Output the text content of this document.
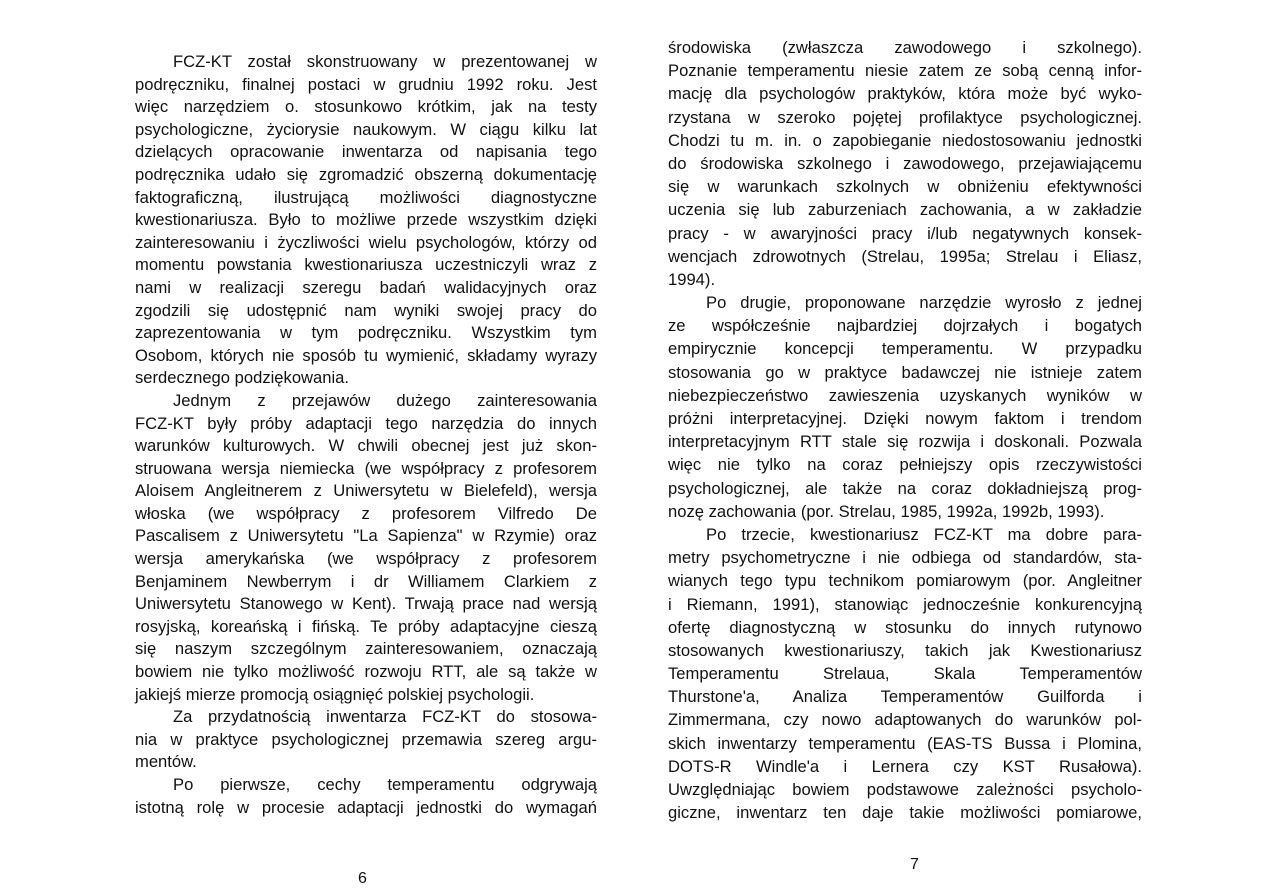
FCZ-KT został skonstruowany w prezentowanej w
podręczniku, finalnej postaci w grudniu 1992 roku. Jest
więc narzędziem o. stosunkowo krótkim, jak na testy
psychologiczne, życiorysie naukowym. W ciągu kilku lat
dzielących opracowanie inwentarza od napisania tego
podręcznika udało się zgromadzić obszerną dokumentację
faktograficzną, ilustrującą możliwości diagnostyczne
kwestionariusza. Było to możliwe przede wszystkim dzięki
zainteresowaniu i życzliwości wielu psychologów, którzy od
momentu powstania kwestionariusza uczestniczyli wraz z
nami w realizacji szeregu badań walidacyjnych oraz
zgodzili się udostępnić nam wyniki swojej pracy do
zaprezentowania w tym podręczniku. Wszystkim tym
Osobom, których nie sposób tu wymienić, składamy wyrazy
serdecznego podziękowania.
Jednym z przejawów dużego zainteresowania
FCZ-KT były próby adaptacji tego narzędzia do innych
warunków kulturowych. W chwili obecnej jest już skon-
struowana wersja niemiecka (we współpracy z profesorem
Aloisem Angleitnerem z Uniwersytetu w Bielefeld), wersja
włoska (we współpracy z profesorem Vilfredo De
Pascalisem z Uniwersytetu "La Sapienza" w Rzymie) oraz
wersja amerykańska (we współpracy z profesorem
Benjaminem Newberrym i dr Williamem Clarkiem z
Uniwersytetu Stanowego w Kent). Trwają prace nad wersją
rosyjską, koreańską i fińską. Te próby adaptacyjne cieszą
się naszym szczególnym zainteresowaniem, oznaczają
bowiem nie tylko możliwość rozwoju RTT, ale są także w
jakiejś mierze promocją osiągnięć polskiej psychologii.
Za przydatnością inwentarza FCZ-KT do stosowa-
nia w praktyce psychologicznej przemawia szereg argu-
mentów.
Po pierwsze, cechy temperamentu odgrywają
istotną rolę w procesie adaptacji jednostki do wymagań
6
środowiska (zwłaszcza zawodowego i szkolnego).
Poznanie temperamentu niesie zatem ze sobą cenną infor-
mację dla psychologów praktyków, która może być wyko-
rzystana w szeroko pojętej profilaktyce psychologicznej.
Chodzi tu m. in. o zapobieganie niedostosowaniu jednostki
do środowiska szkolnego i zawodowego, przejawiającemu
się w warunkach szkolnych w obniżeniu efektywności
uczenia się lub zaburzeniach zachowania, a w zakładzie
pracy - w awaryjności pracy i/lub negatywnych konsek-
wencjach zdrowotnych (Strelau, 1995a; Strelau i Eliasz,
1994).
Po drugie, proponowane narzędzie wyrosło z jednej
ze współcześnie najbardziej dojrzałych i bogatych
empirycznie koncepcji temperamentu. W przypadku
stosowania go w praktyce badawczej nie istnieje zatem
niebezpieczeństwo zawieszenia uzyskanych wyników w
próżni interpretacyjnej. Dzięki nowym faktom i trendom
interpretacyjnym RTT stale się rozwija i doskonali. Pozwala
więc nie tylko na coraz pełniejszy opis rzeczywistości
psychologicznej, ale także na coraz dokładniejszą prog-
nozę zachowania (por. Strelau, 1985, 1992a, 1992b, 1993).
Po trzecie, kwestionariusz FCZ-KT ma dobre para-
metry psychometryczne i nie odbiega od standardów, sta-
wianych tego typu technikom pomiarowym (por. Angleitner
i Riemann, 1991), stanowiąc jednocześnie konkurencyjną
ofertę diagnostyczną w stosunku do innych rutynowo
stosowanych kwestionariuszy, takich jak Kwestionariusz
Temperamentu Strelaua, Skala Temperamentów
Thurstone'a, Analiza Temperamentów Guilforda i
Zimmermana, czy nowo adaptowanych do warunków pol-
skich inwentarzy temperamentu (EAS-TS Bussa i Plomina,
DOTS-R Windle'a i Lernera czy KST Rusałowa).
Uwzględniając bowiem podstawowe zależności psycholo-
giczne, inwentarz ten daje takie możliwości pomiarowe,
7
